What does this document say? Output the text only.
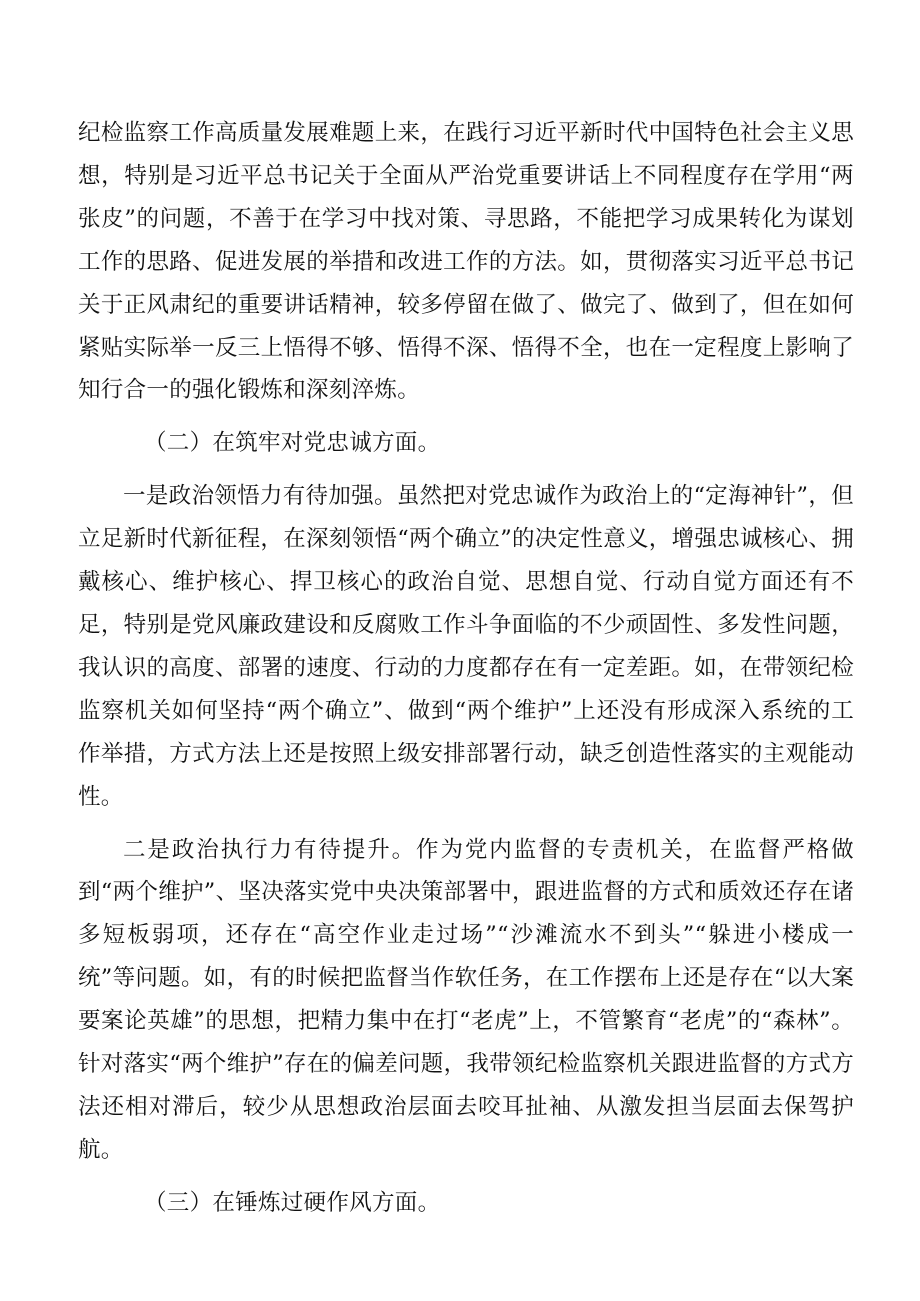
纪检监察工作高质量发展难题上来，在践行习近平新时代中国特色社会主义思想，特别是习近平总书记关于全面从严治党重要讲话上不同程度存在学用“两张皮”的问题，不善于在学习中找对策、寻思路，不能把学习成果转化为谋划工作的思路、促进发展的举措和改进工作的方法。如，贯彻落实习近平总书记关于正风肃纪的重要讲话精神，较多停留在做了、做完了、做到了，但在如何紧贴实际举一反三上悟得不够、悟得不深、悟得不全，也在一定程度上影响了知行合一的强化锻炼和深刻淬炼。

（二）在筑牢对党忠诚方面。

一是政治领悟力有待加强。虽然把对党忠诚作为政治上的“定海神针”，但立足新时代新征程，在深刻领悟“两个确立”的决定性意义，增强忠诚核心、拥戴核心、维护核心、捍卫核心的政治自觉、思想自觉、行动自觉方面还有不足，特别是党风廉政建设和反腐败工作斗争面临的不少顽固性、多发性问题，我认识的高度、部署的速度、行动的力度都存在有一定差距。如，在带领纪检监察机关如何坚持“两个确立”、做到“两个维护”上还没有形成深入系统的工作举措，方式方法上还是按照上级安排部署行动，缺乏创造性落实的主观能动性。

二是政治执行力有待提升。作为党内监督的专责机关，在监督严格做到“两个维护”、坚决落实党中央决策部署中，跟进监督的方式和质效还存在诸多短板弱项，还存在“高空作业走过场”“沙滩流水不到头”“躲进小楼成一统”等问题。如，有的时候把监督当作软任务，在工作摆布上还是存在“以大案要案论英雄”的思想，把精力集中在打“老虎”上，不管繁育“老虎”的“森林”。针对落实“两个维护”存在的偏差问题，我带领纪检监察机关跟进监督的方式方法还相对滞后，较少从思想政治层面去咬耳扯袖、从激发担当层面去保驾护航。

（三）在锤炼过硬作风方面。
